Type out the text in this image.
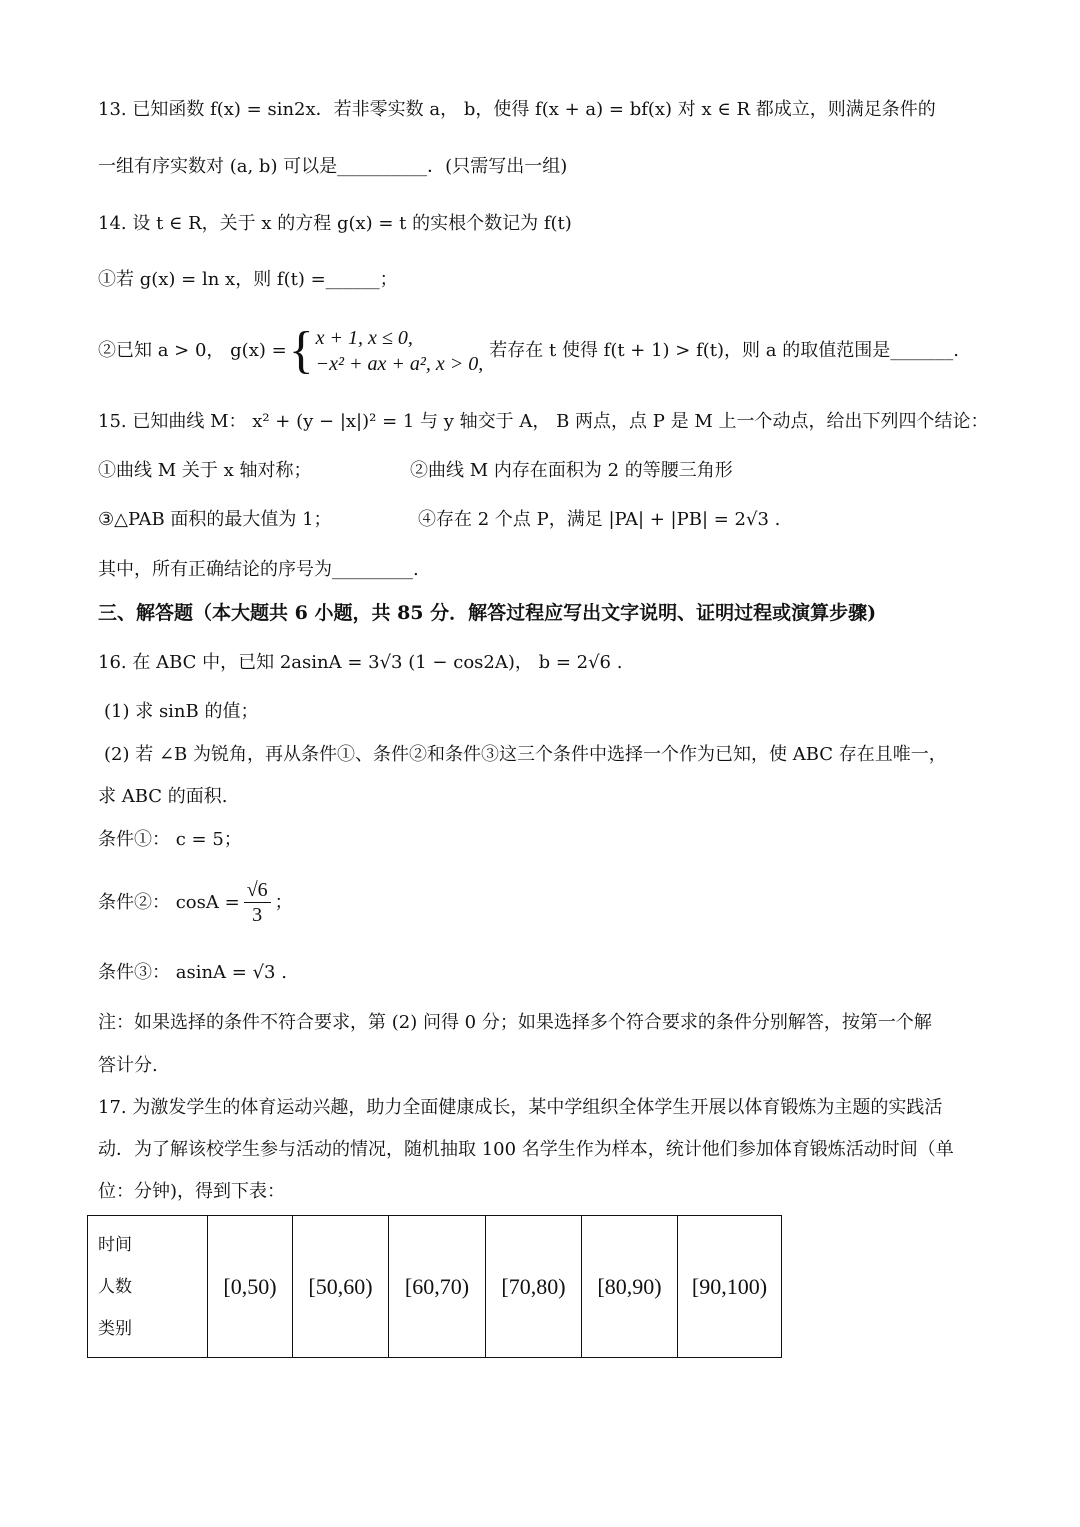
13. 已知函数 f(x) = sin2x．若非零实数 a， b，使得 f(x + a) = bf(x) 对 x ∈ R 都成立，则满足条件的
一组有序实数对 (a, b) 可以是__________．(只需写出一组)
14. 设 t ∈ R，关于 x 的方程 g(x) = t 的实根个数记为 f(t)
①若 g(x) = ln x，则 f(t) =______；
②已知 a > 0， g(x) = { x + 1, x ≤ 0,
−x² + ax + a², x > 0,
若存在 t 使得 f(t + 1) > f(t)，则 a 的取值范围是_______.
15. 已知曲线 M： x² + (y − |x|)² = 1 与 y 轴交于 A， B 两点，点 P 是 M 上一个动点，给出下列四个结论：
①曲线 M 关于 x 轴对称；	②曲线 M 内存在面积为 2 的等腰三角形
③△PAB 面积的最大值为 1；	④存在 2 个点 P，满足 |PA| + |PB| = 2√3 .
其中，所有正确结论的序号为_________.
三、解答题（本大题共 6 小题，共 85 分．解答过程应写出文字说明、证明过程或演算步骤)
16. 在 ABC 中，已知 2asinA = 3√3 (1 − cos2A)， b = 2√6 .
(1) 求 sinB 的值；
(2) 若 ∠B 为锐角，再从条件①、条件②和条件③这三个条件中选择一个作为已知，使 ABC 存在且唯一，
求 ABC 的面积.
条件①： c = 5；
条件②： $\cos A = \frac{√6}{3}$ ；
条件③： asinA = √3 .
注：如果选择的条件不符合要求，第 (2) 问得 0 分；如果选择多个符合要求的条件分别解答，按第一个解
答计分.
17. 为激发学生的体育运动兴趣，助力全面健康成长，某中学组织全体学生开展以体育锻炼为主题的实践活
动．为了解该校学生参与活动的情况，随机抽取 100 名学生作为样本，统计他们参加体育锻炼活动时间（单
位：分钟)，得到下表：
时间
人数
类别
	[0,50)	[50,60)	[60,70)	[70,80)	[80,90)	[90,100)
